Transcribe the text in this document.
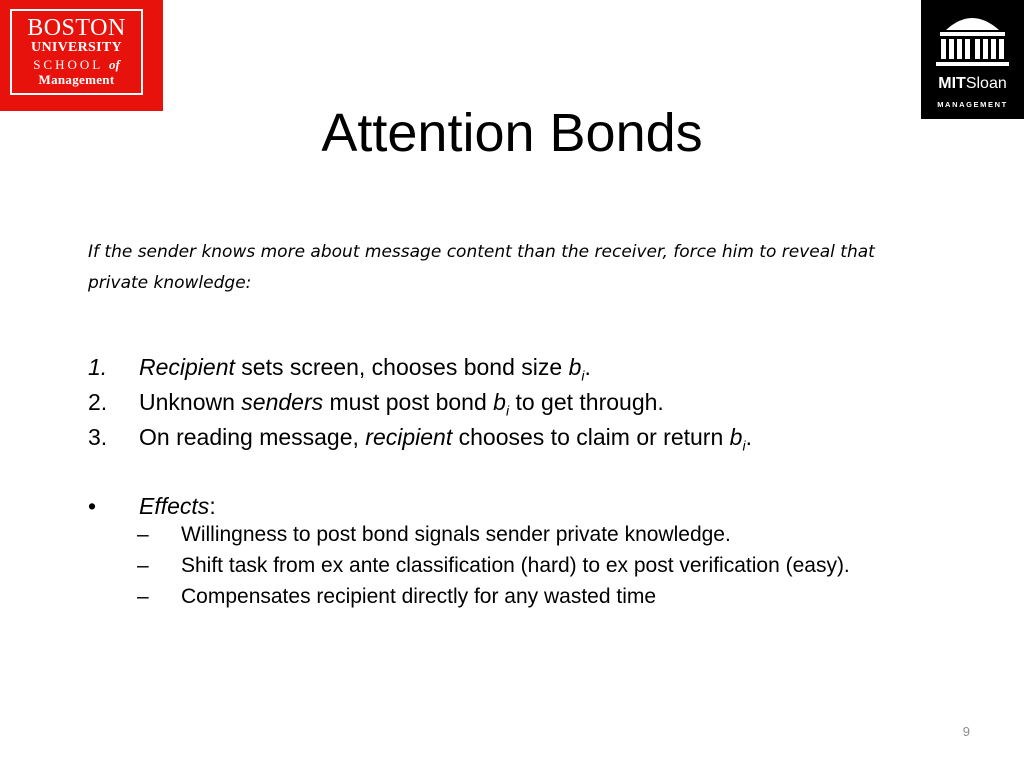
BOSTON
UNIVERSITY
SCHOOL of
Management	MITSloan
MANAGEMENT
Attention Bonds
If the sender knows more about message content than the receiver, force him to reveal that private knowledge:
1. Recipient sets screen, chooses bond size $b_i$.
2. Unknown senders must post bond $b_i$ to get through.
3. On reading message, recipient chooses to claim or return $b_i$.
• Effects:
– Willingness to post bond signals sender private knowledge.
– Shift task from ex ante classification (hard) to ex post verification (easy).
– Compensates recipient directly for any wasted time
9
